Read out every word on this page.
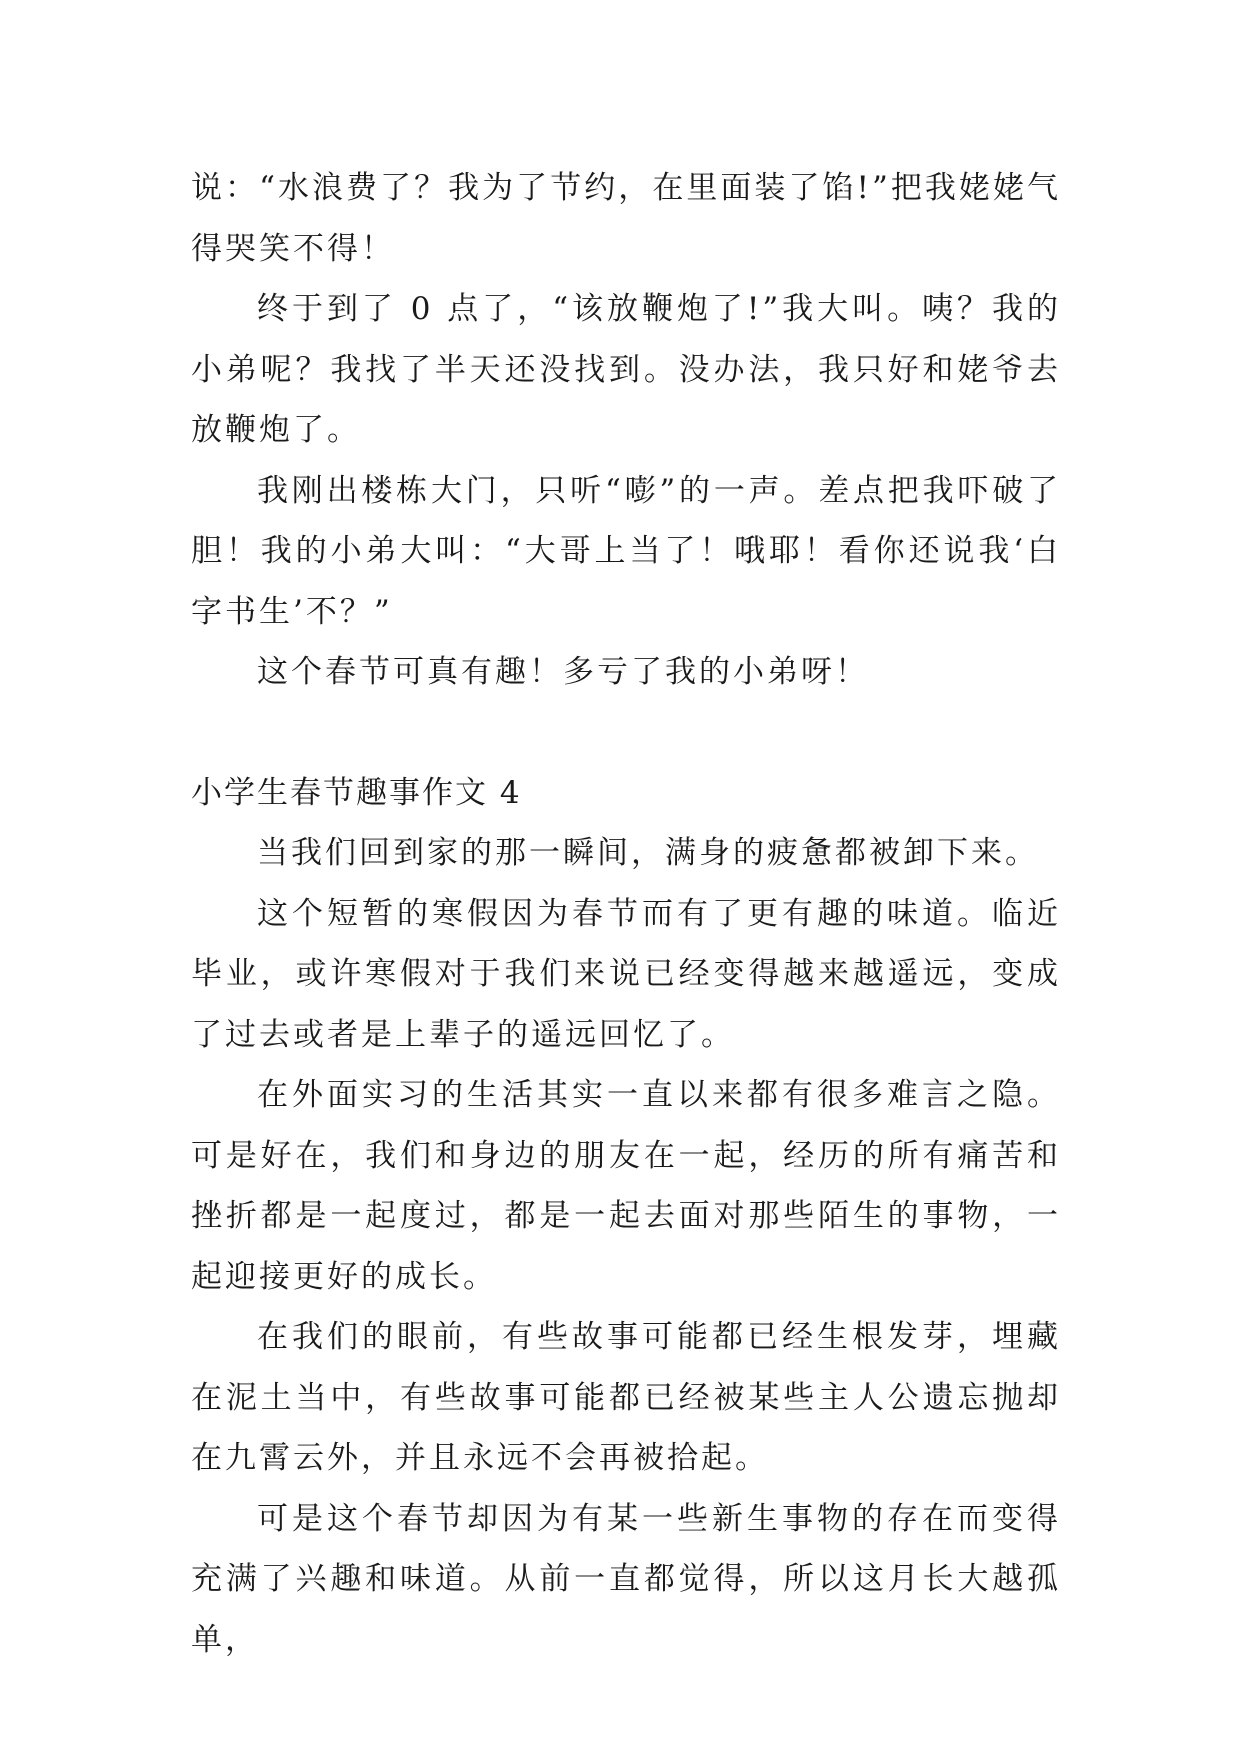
说：“水浪费了？我为了节约，在里面装了馅!”把我姥姥气得哭笑不得！

终于到了 0 点了，“该放鞭炮了!”我大叫。咦？我的小弟呢？我找了半天还没找到。没办法，我只好和姥爷去放鞭炮了。

我刚出楼栋大门，只听“嘭”的一声。差点把我吓破了胆！我的小弟大叫：“大哥上当了！哦耶！看你还说我‘白字书生’不？”

这个春节可真有趣！多亏了我的小弟呀！

小学生春节趣事作文 4

当我们回到家的那一瞬间，满身的疲惫都被卸下来。

这个短暂的寒假因为春节而有了更有趣的味道。临近毕业，或许寒假对于我们来说已经变得越来越遥远，变成了过去或者是上辈子的遥远回忆了。

在外面实习的生活其实一直以来都有很多难言之隐。可是好在，我们和身边的朋友在一起，经历的所有痛苦和挫折都是一起度过，都是一起去面对那些陌生的事物，一起迎接更好的成长。

在我们的眼前，有些故事可能都已经生根发芽，埋藏在泥土当中，有些故事可能都已经被某些主人公遗忘抛却在九霄云外，并且永远不会再被拾起。

可是这个春节却因为有某一些新生事物的存在而变得充满了兴趣和味道。从前一直都觉得，所以这月长大越孤单，
